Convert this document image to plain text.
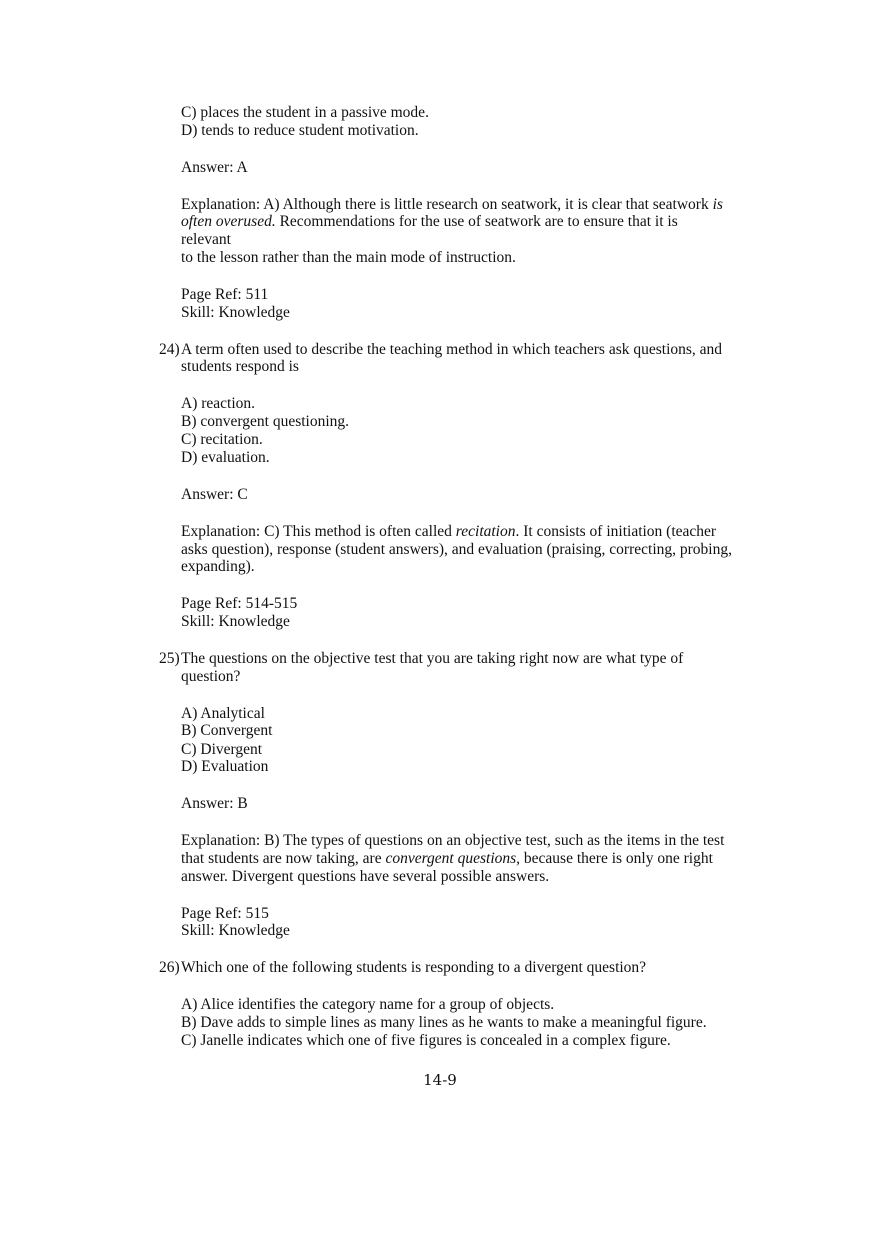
C) places the student in a passive mode.
D) tends to reduce student motivation.
Answer: A
Explanation: A) Although there is little research on seatwork, it is clear that seatwork is
often overused. Recommendations for the use of seatwork are to ensure that it is
relevant
to the lesson rather than the main mode of instruction.
Page Ref: 511
Skill: Knowledge
24) A term often used to describe the teaching method in which teachers ask questions, and
students respond is
A) reaction.
B) convergent questioning.
C) recitation.
D) evaluation.
Answer: C
Explanation: C) This method is often called recitation. It consists of initiation (teacher
asks question), response (student answers), and evaluation (praising, correcting, probing,
expanding).
Page Ref: 514-515
Skill: Knowledge
25) The questions on the objective test that you are taking right now are what type of
question?
A) Analytical
B) Convergent
C) Divergent
D) Evaluation
Answer: B
Explanation: B) The types of questions on an objective test, such as the items in the test
that students are now taking, are convergent questions, because there is only one right
answer. Divergent questions have several possible answers.
Page Ref: 515
Skill: Knowledge
26) Which one of the following students is responding to a divergent question?
A) Alice identifies the category name for a group of objects.
B) Dave adds to simple lines as many lines as he wants to make a meaningful figure.
C) Janelle indicates which one of five figures is concealed in a complex figure.
14-9
